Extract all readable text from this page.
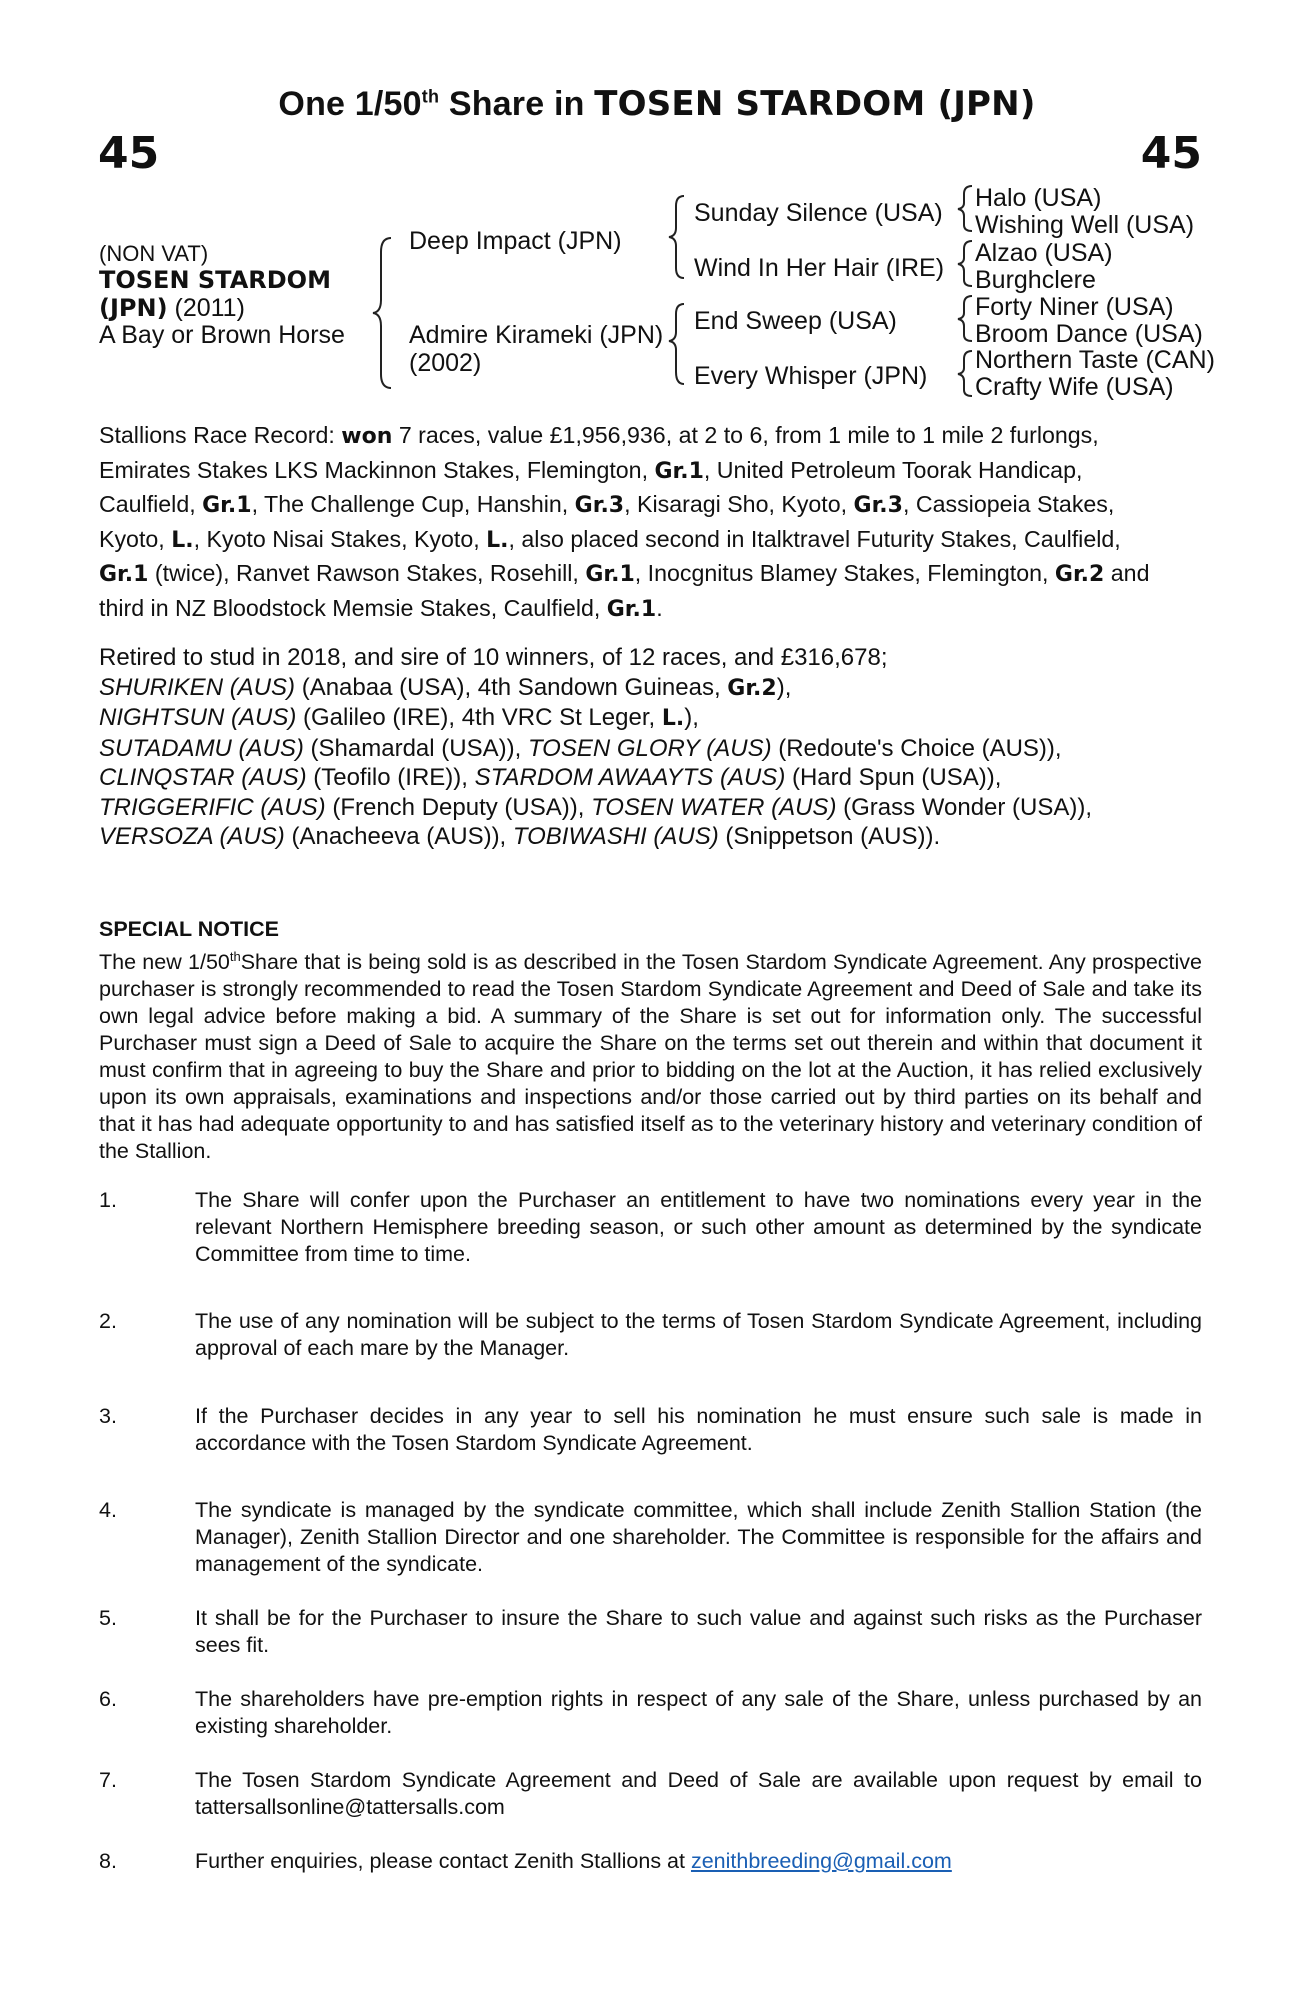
One 1/50th Share in TOSEN STARDOM (JPN)
45	45
(NON VAT)
TOSEN STARDOM
(JPN) (2011)
A Bay or Brown Horse
Deep Impact (JPN)
Admire Kirameki (JPN)
(2002)
Sunday Silence (USA)
Wind In Her Hair (IRE)
End Sweep (USA)
Every Whisper (JPN)
Halo (USA)
Wishing Well (USA)
Alzao (USA)
Burghclere
Forty Niner (USA)
Broom Dance (USA)
Northern Taste (CAN)
Crafty Wife (USA)
Stallions Race Record: won 7 races, value £1,956,936, at 2 to 6, from 1 mile to 1 mile 2 furlongs,
Emirates Stakes LKS Mackinnon Stakes, Flemington, Gr.1, United Petroleum Toorak Handicap,
Caulfield, Gr.1, The Challenge Cup, Hanshin, Gr.3, Kisaragi Sho, Kyoto, Gr.3, Cassiopeia Stakes,
Kyoto, L., Kyoto Nisai Stakes, Kyoto, L., also placed second in Italktravel Futurity Stakes, Caulfield,
Gr.1 (twice), Ranvet Rawson Stakes, Rosehill, Gr.1, Inocgnitus Blamey Stakes, Flemington, Gr.2 and
third in NZ Bloodstock Memsie Stakes, Caulfield, Gr.1.
Retired to stud in 2018, and sire of 10 winners, of 12 races, and £316,678;
SHURIKEN (AUS) (Anabaa (USA), 4th Sandown Guineas, Gr.2),
NIGHTSUN (AUS) (Galileo (IRE), 4th VRC St Leger, L.),
SUTADAMU (AUS) (Shamardal (USA)), TOSEN GLORY (AUS) (Redoute's Choice (AUS)),
CLINQSTAR (AUS) (Teofilo (IRE)), STARDOM AWAAYTS (AUS) (Hard Spun (USA)),
TRIGGERIFIC (AUS) (French Deputy (USA)), TOSEN WATER (AUS) (Grass Wonder (USA)),
VERSOZA (AUS) (Anacheeva (AUS)), TOBIWASHI (AUS) (Snippetson (AUS)).
SPECIAL NOTICE
The new 1/50thShare that is being sold is as described in the Tosen Stardom Syndicate Agreement. Any prospective purchaser is strongly recommended to read the Tosen Stardom Syndicate Agreement and Deed of Sale and take its own legal advice before making a bid. A summary of the Share is set out for information only. The successful Purchaser must sign a Deed of Sale to acquire the Share on the terms set out therein and within that document it must confirm that in agreeing to buy the Share and prior to bidding on the lot at the Auction, it has relied exclusively upon its own appraisals, examinations and inspections and/or those carried out by third parties on its behalf and that it has had adequate opportunity to and has satisfied itself as to the veterinary history and veterinary condition of the Stallion.
1.	The Share will confer upon the Purchaser an entitlement to have two nominations every year in the relevant Northern Hemisphere breeding season, or such other amount as determined by the syndicate Committee from time to time.
2.	The use of any nomination will be subject to the terms of Tosen Stardom Syndicate Agreement, including approval of each mare by the Manager.
3.	If the Purchaser decides in any year to sell his nomination he must ensure such sale is made in accordance with the Tosen Stardom Syndicate Agreement.
4.	The syndicate is managed by the syndicate committee, which shall include Zenith Stallion Station (the Manager), Zenith Stallion Director and one shareholder. The Committee is responsible for the affairs and management of the syndicate.
5.	It shall be for the Purchaser to insure the Share to such value and against such risks as the Purchaser sees fit.
6.	The shareholders have pre-emption rights in respect of any sale of the Share, unless purchased by an existing shareholder.
7.	The Tosen Stardom Syndicate Agreement and Deed of Sale are available upon request by email to tattersallsonline@tattersalls.com
8.	Further enquiries, please contact Zenith Stallions at zenithbreeding@gmail.com
